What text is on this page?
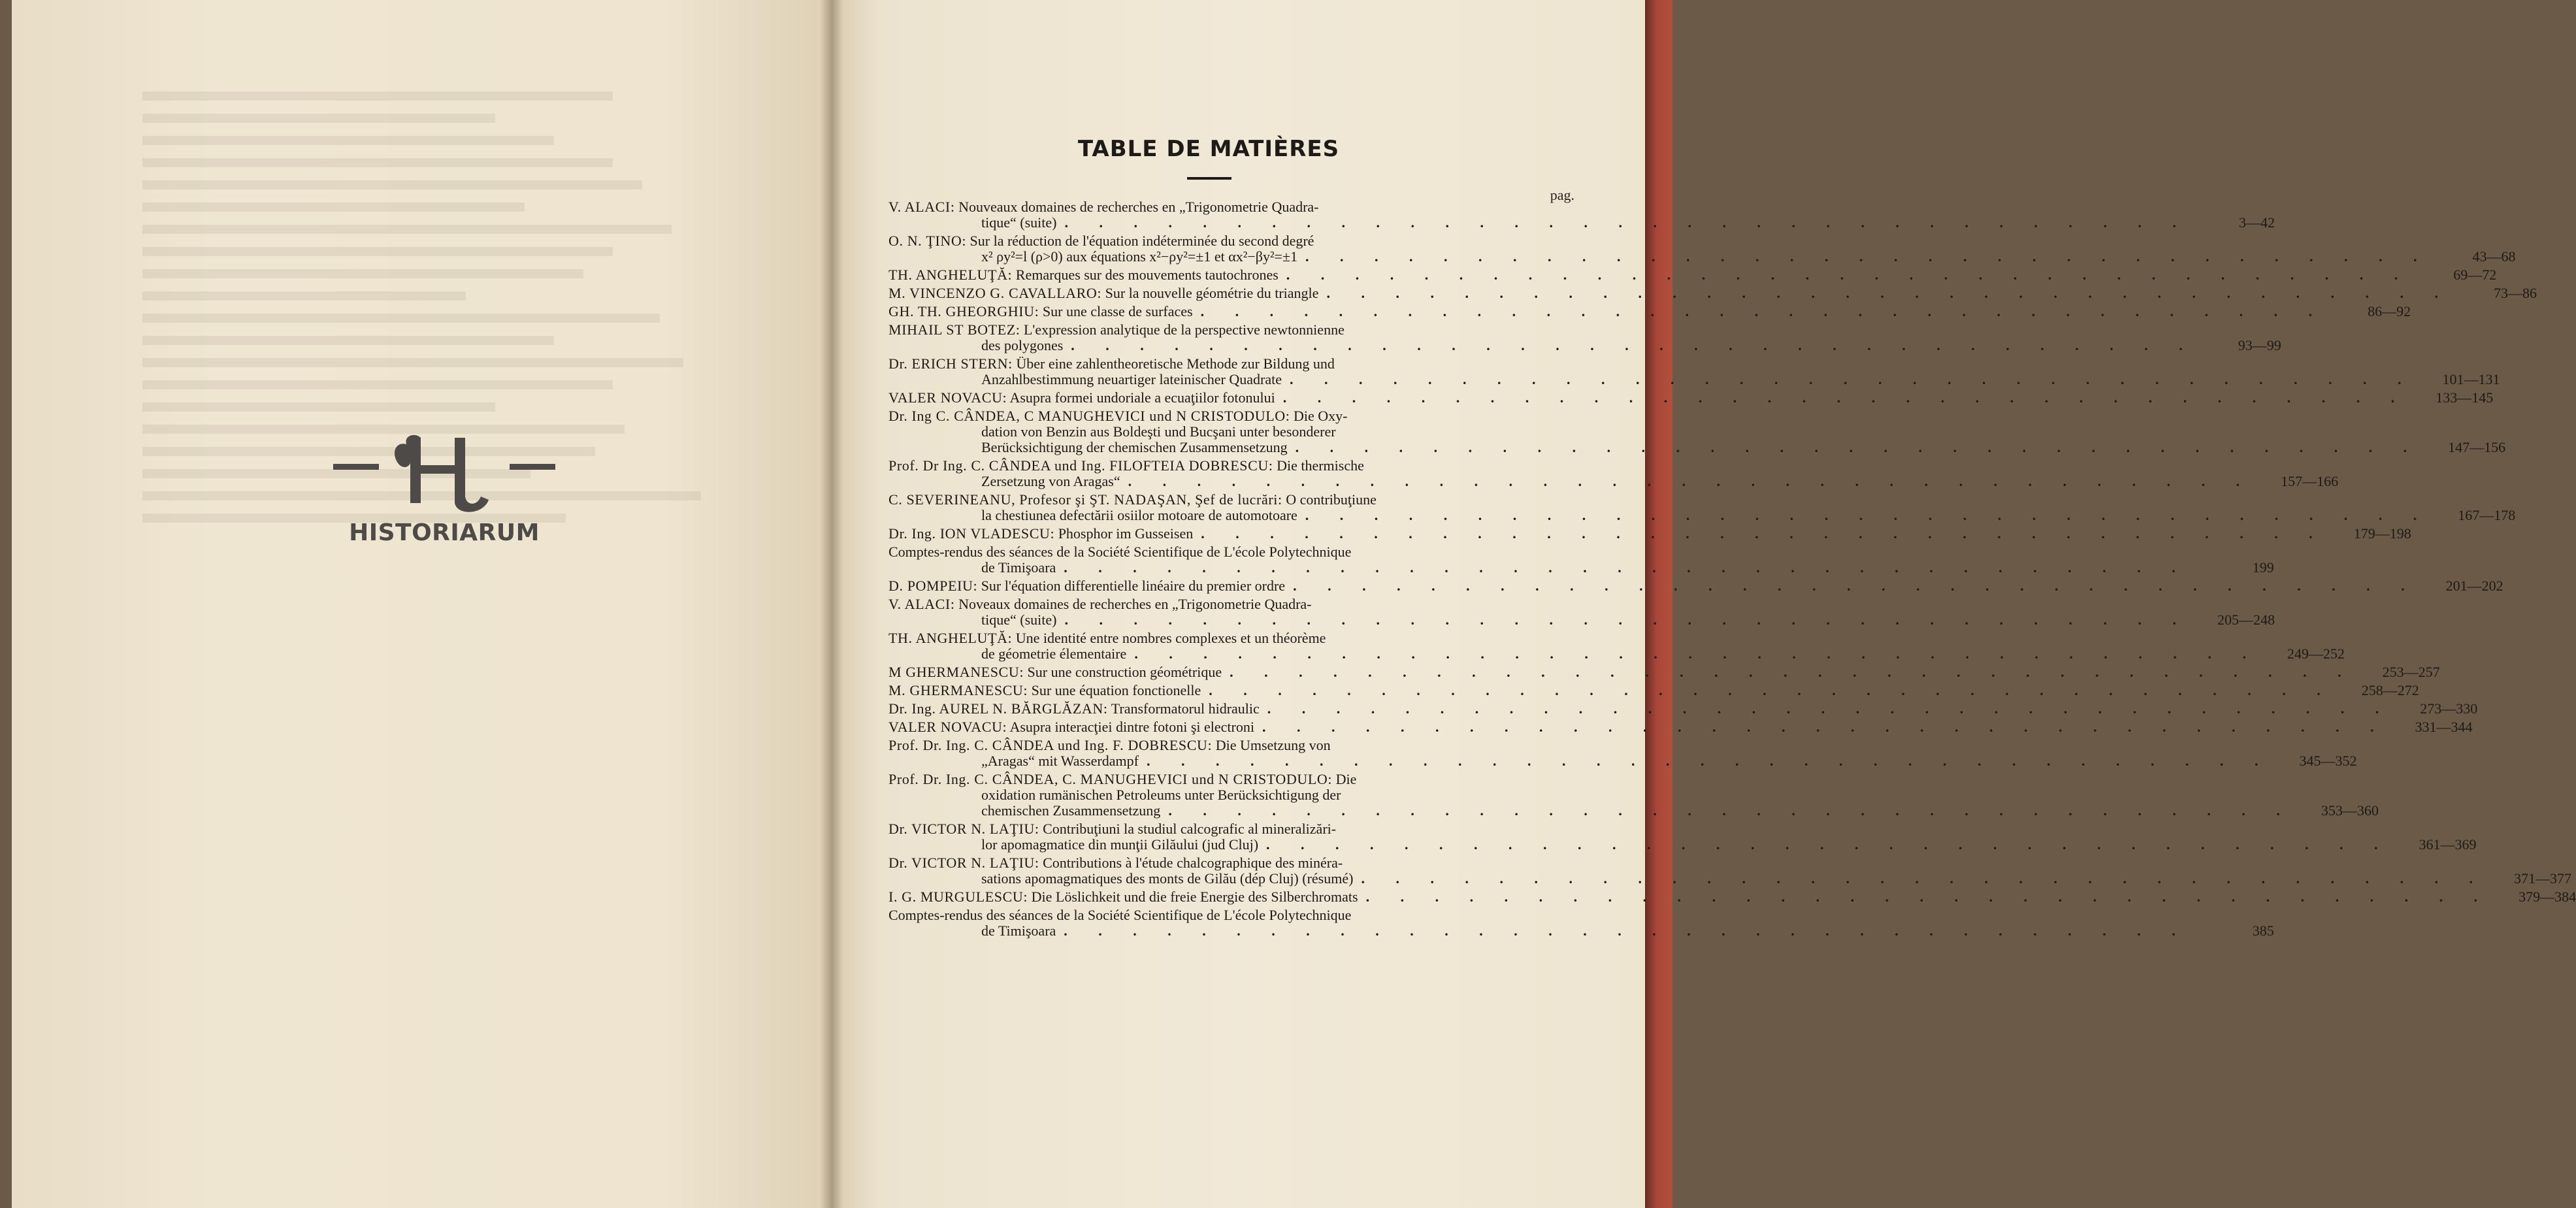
HISTORIARUM
TABLE DE MATIÈRES
pag.
V. ALACI: Nouveaux domaines de recherches en „Trigonometrie Quadra-
tique“ (suite) . . . . . . . . . . . . . . . . . . . . . . . . . . . . . . . . .	3—42
O. N. ŢINO: Sur la réduction de l'équation indéterminée du second degré
x² ρy²=l (ρ>0) aux équations x²−ρy²=±1 et αx²−βy²=±1 . . . . . . . . . . . . . . . . . . . . . . . . . . . . . . . . .	43—68
TH. ANGHELUŢĂ: Remarques sur des mouvements tautochrones . . . . . . . . . . . . . . . . . . . . . . . . . . . . . . . . .	69—72
M. VINCENZO G. CAVALLARO: Sur la nouvelle géométrie du triangle . . . . . . . . . . . . . . . . . . . . . . . . . . . . . . . . .	73—86
GH. TH. GHEORGHIU: Sur une classe de surfaces . . . . . . . . . . . . . . . . . . . . . . . . . . . . . . . . .	86—92
MIHAIL ST BOTEZ: L'expression analytique de la perspective newtonnienne
des polygones . . . . . . . . . . . . . . . . . . . . . . . . . . . . . . . . .	93—99
Dr. ERICH STERN: Über eine zahlentheoretische Methode zur Bildung und
Anzahlbestimmung neuartiger lateinischer Quadrate . . . . . . . . . . . . . . . . . . . . . . . . . . . . . . . . .	101—131
VALER NOVACU: Asupra formei undoriale a ecuaţiilor fotonului . . . . . . . . . . . . . . . . . . . . . . . . . . . . . . . . .	133—145
Dr. Ing C. CÂNDEA, C MANUGHEVICI und N CRISTODULO: Die Oxy-
dation von Benzin aus Boldeşti und Bucşani unter besonderer
Berücksichtigung der chemischen Zusammensetzung . . . . . . . . . . . . . . . . . . . . . . . . . . . . . . . . .	147—156
Prof. Dr Ing. C. CÂNDEA und Ing. FILOFTEIA DOBRESCU: Die thermische
Zersetzung von Aragas“ . . . . . . . . . . . . . . . . . . . . . . . . . . . . . . . . .	157—166
C. SEVERINEANU, Profesor şi ŞT. NADAŞAN, Şef de lucrări: O contribuţiune
la chestiunea defectării osiilor motoare de automotoare . . . . . . . . . . . . . . . . . . . . . . . . . . . . . . . . .	167—178
Dr. Ing. ION VLADESCU: Phosphor im Gusseisen . . . . . . . . . . . . . . . . . . . . . . . . . . . . . . . . .	179—198
Comptes-rendus des séances de la Société Scientifique de L'école Polytechnique
de Timişoara . . . . . . . . . . . . . . . . . . . . . . . . . . . . . . . . .	199
D. POMPEIU: Sur l'équation differentielle linéaire du premier ordre . . . . . . . . . . . . . . . . . . . . . . . . . . . . . . . . .	201—202
V. ALACI: Noveaux domaines de recherches en „Trigonometrie Quadra-
tique“ (suite) . . . . . . . . . . . . . . . . . . . . . . . . . . . . . . . . .	205—248
TH. ANGHELUŢĂ: Une identité entre nombres complexes et un théorème
de géometrie élementaire . . . . . . . . . . . . . . . . . . . . . . . . . . . . . . . . .	249—252
M GHERMANESCU: Sur une construction géométrique . . . . . . . . . . . . . . . . . . . . . . . . . . . . . . . . .	253—257
M. GHERMANESCU: Sur une équation fonctionelle . . . . . . . . . . . . . . . . . . . . . . . . . . . . . . . . .	258—272
Dr. Ing. AUREL N. BĂRGLĂZAN: Transformatorul hidraulic . . . . . . . . . . . . . . . . . . . . . . . . . . . . . . . . .	273—330
VALER NOVACU: Asupra interacţiei dintre fotoni şi electroni . . . . . . . . . . . . . . . . . . . . . . . . . . . . . . . . .	331—344
Prof. Dr. Ing. C. CÂNDEA und Ing. F. DOBRESCU: Die Umsetzung von
„Aragas“ mit Wasserdampf . . . . . . . . . . . . . . . . . . . . . . . . . . . . . . . . .	345—352
Prof. Dr. Ing. C. CÂNDEA, C. MANUGHEVICI und N CRISTODULO: Die
oxidation rumänischen Petroleums unter Berücksichtigung der
chemischen Zusammensetzung . . . . . . . . . . . . . . . . . . . . . . . . . . . . . . . . .	353—360
Dr. VICTOR N. LAŢIU: Contribuţiuni la studiul calcografic al mineralizări-
lor apomagmatice din munţii Gilăului (jud Cluj) . . . . . . . . . . . . . . . . . . . . . . . . . . . . . . . . .	361—369
Dr. VICTOR N. LAŢIU: Contributions à l'étude chalcographique des minéra-
sations apomagmatiques des monts de Gilău (dép Cluj) (résumé) . . . . . . . . . . . . . . . . . . . . . . . . . . . . . . . . .	371—377
I. G. MURGULESCU: Die Löslichkeit und die freie Energie des Silberchromats . . . . . . . . . . . . . . . . . . . . . . . . . . . . . . . . .	379—384
Comptes-rendus des séances de la Société Scientifique de L'école Polytechnique
de Timişoara . . . . . . . . . . . . . . . . . . . . . . . . . . . . . . . . .	385
